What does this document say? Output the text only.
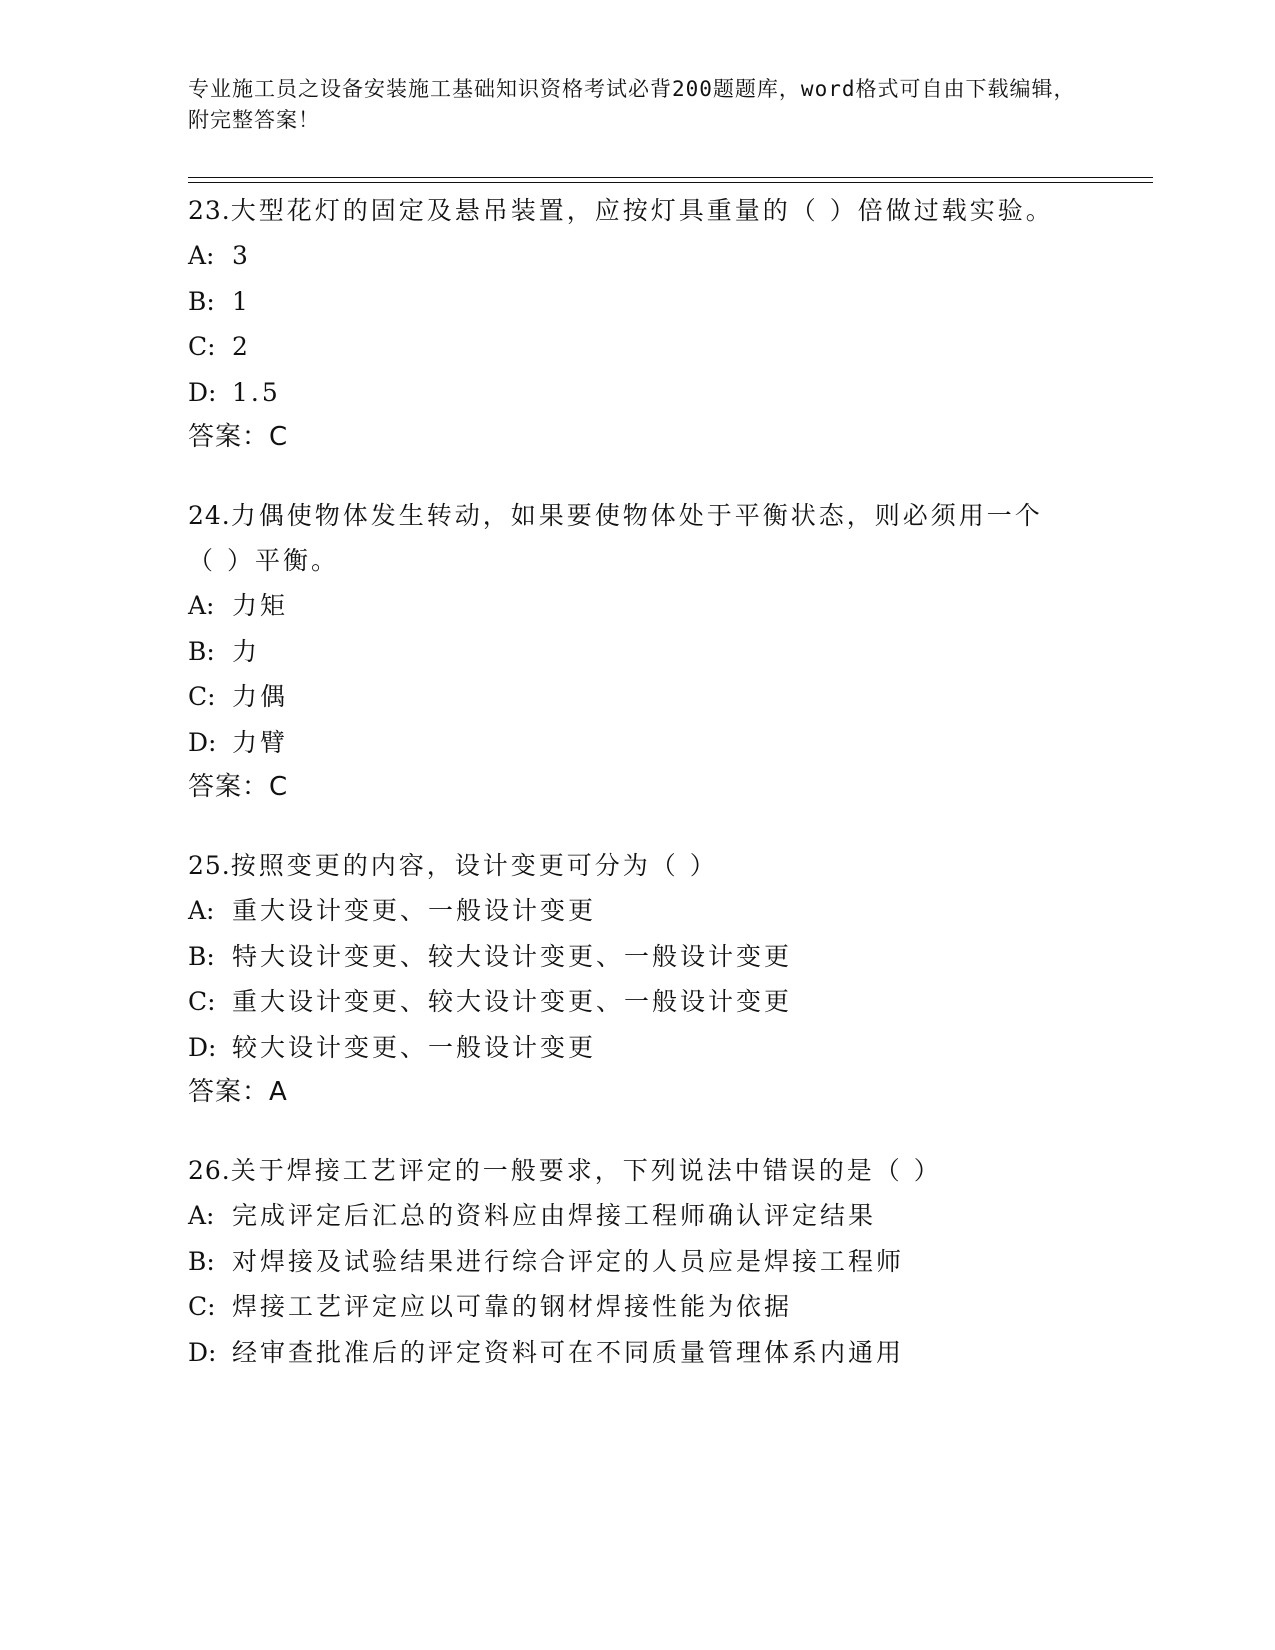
专业施工员之设备安装施工基础知识资格考试必背200题题库，word格式可自由下载编辑，附完整答案！

23.大型花灯的固定及悬吊装置，应按灯具重量的（ ）倍做过载实验。

A: 3
B: 1
C: 2
D: 1.5
答案：C

24.力偶使物体发生转动，如果要使物体处于平衡状态，则必须用一个（ ）平衡。

A: 力矩
B: 力
C: 力偶
D: 力臂
答案：C

25.按照变更的内容，设计变更可分为（ ）

A: 重大设计变更、一般设计变更
B: 特大设计变更、较大设计变更、一般设计变更
C: 重大设计变更、较大设计变更、一般设计变更
D: 较大设计变更、一般设计变更
答案：A

26.关于焊接工艺评定的一般要求，下列说法中错误的是（ ）

A: 完成评定后汇总的资料应由焊接工程师确认评定结果
B: 对焊接及试验结果进行综合评定的人员应是焊接工程师
C: 焊接工艺评定应以可靠的钢材焊接性能为依据
D: 经审查批准后的评定资料可在不同质量管理体系内通用
